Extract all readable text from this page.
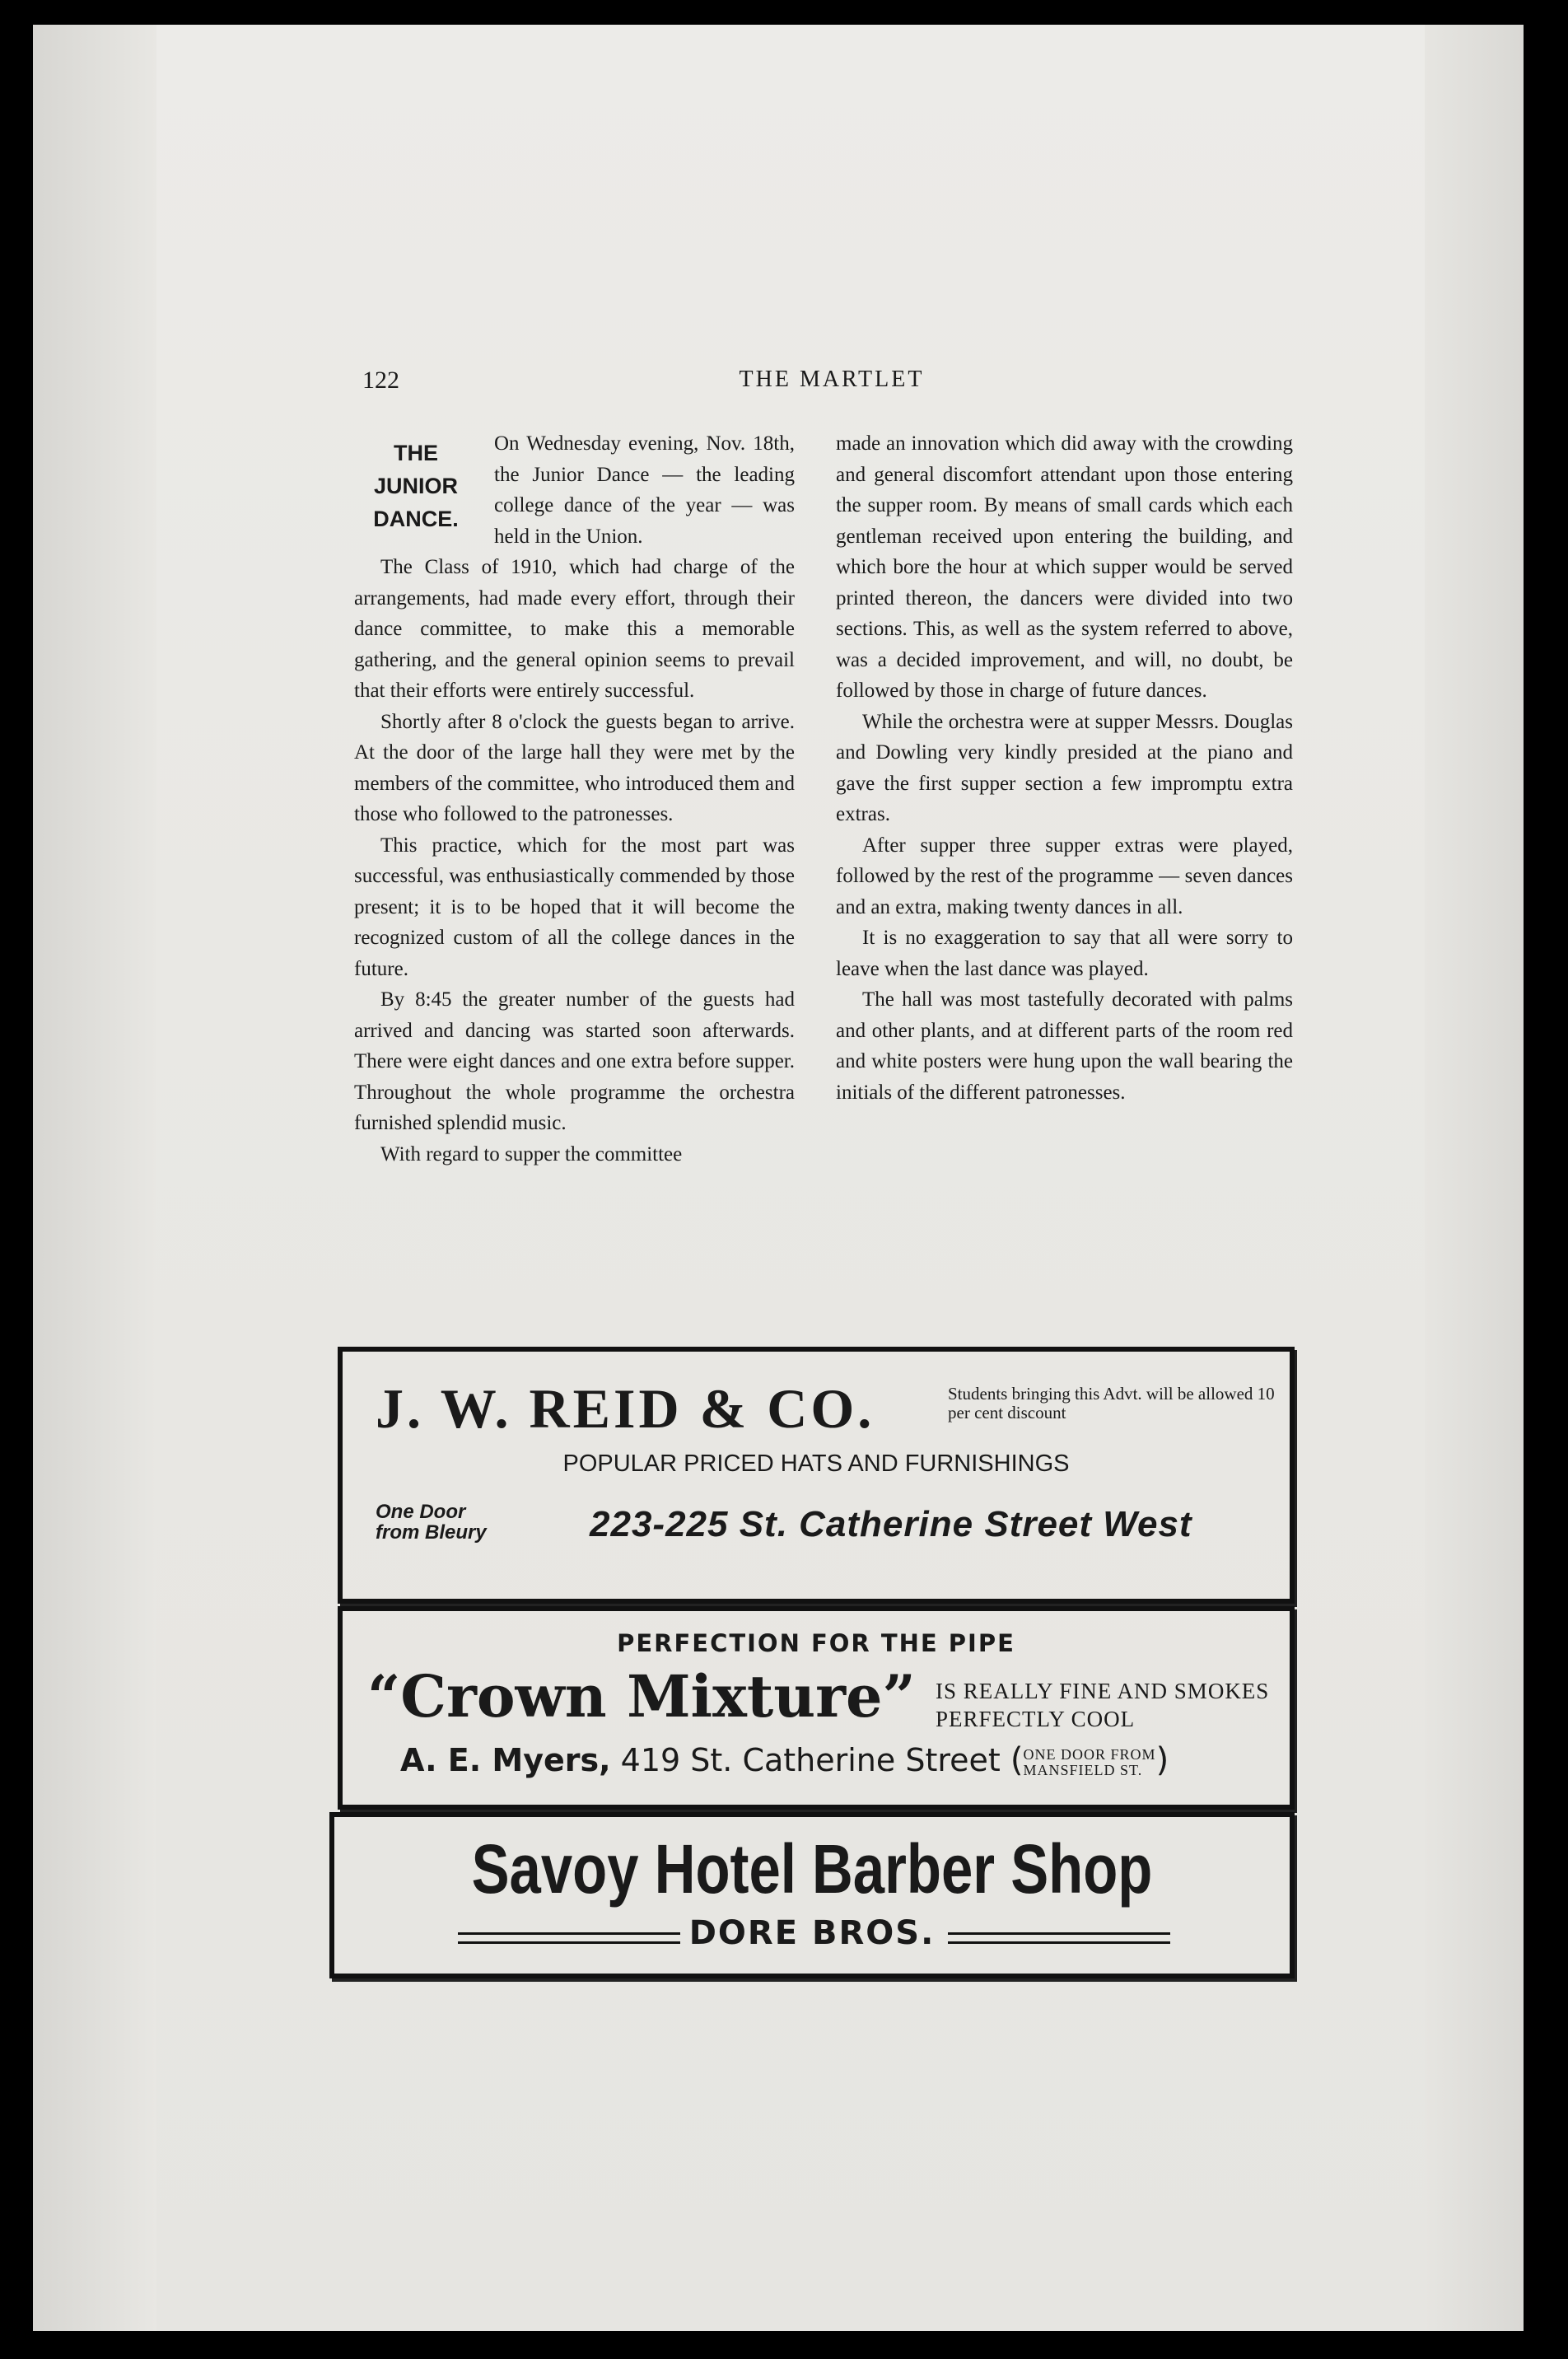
122	THE MARTLET
THE
JUNIOR
DANCE.

On Wednesday evening, Nov. 18th, the Junior Dance — the leading college dance of the year — was held in the Union.

The Class of 1910, which had charge of the arrangements, had made every effort, through their dance committee, to make this a memorable gathering, and the general opinion seems to prevail that their efforts were entirely successful.

Shortly after 8 o'clock the guests began to arrive. At the door of the large hall they were met by the members of the committee, who introduced them and those who followed to the patronesses.

This practice, which for the most part was successful, was enthusiastically commended by those present; it is to be hoped that it will become the recognized custom of all the college dances in the future.

By 8:45 the greater number of the guests had arrived and dancing was started soon afterwards. There were eight dances and one extra before supper. Throughout the whole programme the orchestra furnished splendid music.

With regard to supper the committee

made an innovation which did away with the crowding and general discomfort attendant upon those entering the supper room. By means of small cards which each gentleman received upon entering the building, and which bore the hour at which supper would be served printed thereon, the dancers were divided into two sections. This, as well as the system referred to above, was a decided improvement, and will, no doubt, be followed by those in charge of future dances.

While the orchestra were at supper Messrs. Douglas and Dowling very kindly presided at the piano and gave the first supper section a few impromptu extra extras.

After supper three supper extras were played, followed by the rest of the programme — seven dances and an extra, making twenty dances in all.

It is no exaggeration to say that all were sorry to leave when the last dance was played.

The hall was most tastefully decorated with palms and other plants, and at different parts of the room red and white posters were hung upon the wall bearing the initials of the different patronesses.

J. W. REID & CO.	Students bringing this Advt. will be allowed 10 per cent discount
POPULAR PRICED HATS AND FURNISHINGS
One Door
from Bleury	223-225 St. Catherine Street West
PERFECTION FOR THE PIPE
“Crown Mixture” IS REALLY FINE AND SMOKES
PERFECTLY COOL
A. E. Myers, 419 St. Catherine Street (ONE DOOR FROM
MANSFIELD ST. )
Savoy Hotel Barber Shop
DORE BROS.
